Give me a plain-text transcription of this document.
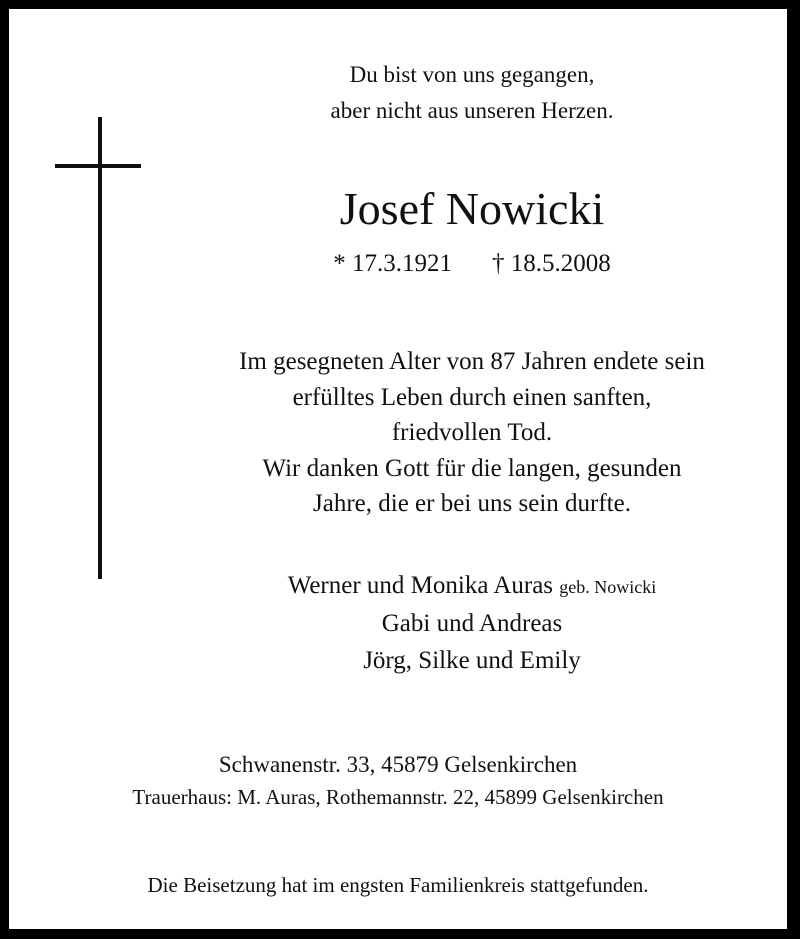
Du bist von uns gegangen,
aber nicht aus unseren Herzen.
Josef Nowicki
* 17.3.1921 † 18.5.2008
Im gesegneten Alter von 87 Jahren endete sein
erfülltes Leben durch einen sanften,
friedvollen Tod.
Wir danken Gott für die langen, gesunden
Jahre, die er bei uns sein durfte.
Werner und Monika Auras geb. Nowicki
Gabi und Andreas
Jörg, Silke und Emily
Schwanenstr. 33, 45879 Gelsenkirchen
Trauerhaus: M. Auras, Rothemannstr. 22, 45899 Gelsenkirchen
Die Beisetzung hat im engsten Familienkreis stattgefunden.
